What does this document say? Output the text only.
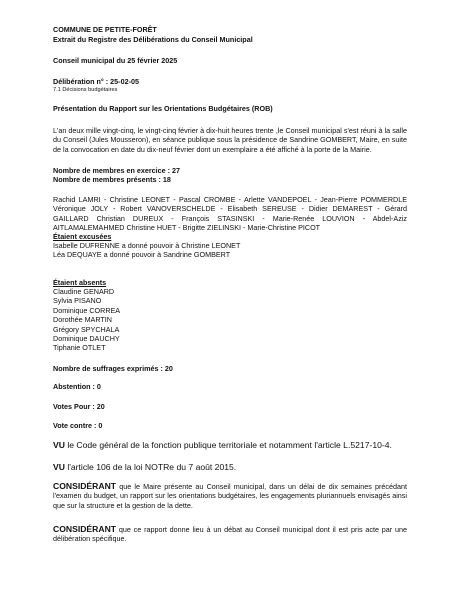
COMMUNE DE PETITE-FORÊT

Extrait du Registre des Délibérations du Conseil Municipal

Conseil municipal du 25 février 2025

Délibération n° : 25-02-05

7.1 Décisions budgétaires

Présentation du Rapport sur les Orientations Budgétaires (ROB)

L'an deux mille vingt-cinq, le vingt-cinq février à dix-huit heures trente ,le Conseil municipal s'est réuni à la salle du Conseil (Jules Mousseron), en séance publique sous la présidence de Sandrine GOMBERT, Maire, en suite de la convocation en date du dix-neuf février dont un exemplaire a été affiché à la porte de la Mairie.

Nombre de membres en exercice : 27

Nombre de membres présents : 18

Rachid LAMRI - Christine LEONET - Pascal CROMBE - Arlette VANDEPOEL - Jean-Pierre POMMERDLE Véronique JOLY - Robert VANOVERSCHELDE - Elisabeth SEREUSE - Didier DEMAREST - Gérard GAILLARD Christian DUREUX - François STASINSKI - Marie-Renée LOUVION - Abdel-Aziz AITLAMALEMAHMED Christine HUET - Brigitte ZIELINSKI - Marie-Christine PICOT

Étaient excusées

Isabelle DUFRENNE a donné pouvoir à Christine LEONET
Léa DEQUAYE a donné pouvoir à Sandrine GOMBERT

Étaient absents

Claudine GENARD
Sylvia PISANO
Dominique CORREA
Dorothée MARTIN
Grégory SPYCHALA
Dominique DAUCHY
Tiphanie OTLET

Nombre de suffrages exprimés : 20

Abstention : 0

Votes Pour : 20

Vote contre : 0

VU le Code général de la fonction publique territoriale et notamment l'article L.5217-10-4.

VU l'article 106 de la loi NOTRe du 7 août 2015.

CONSIDÉRANT que le Maire présente au Conseil municipal, dans un délai de dix semaines précédant l'examen du budget, un rapport sur les orientations budgétaires, les engagements pluriannuels envisagés ainsi que sur la structure et la gestion de la dette.

CONSIDÉRANT que ce rapport donne lieu à un débat au Conseil municipal dont il est pris acte par une délibération spécifique.
